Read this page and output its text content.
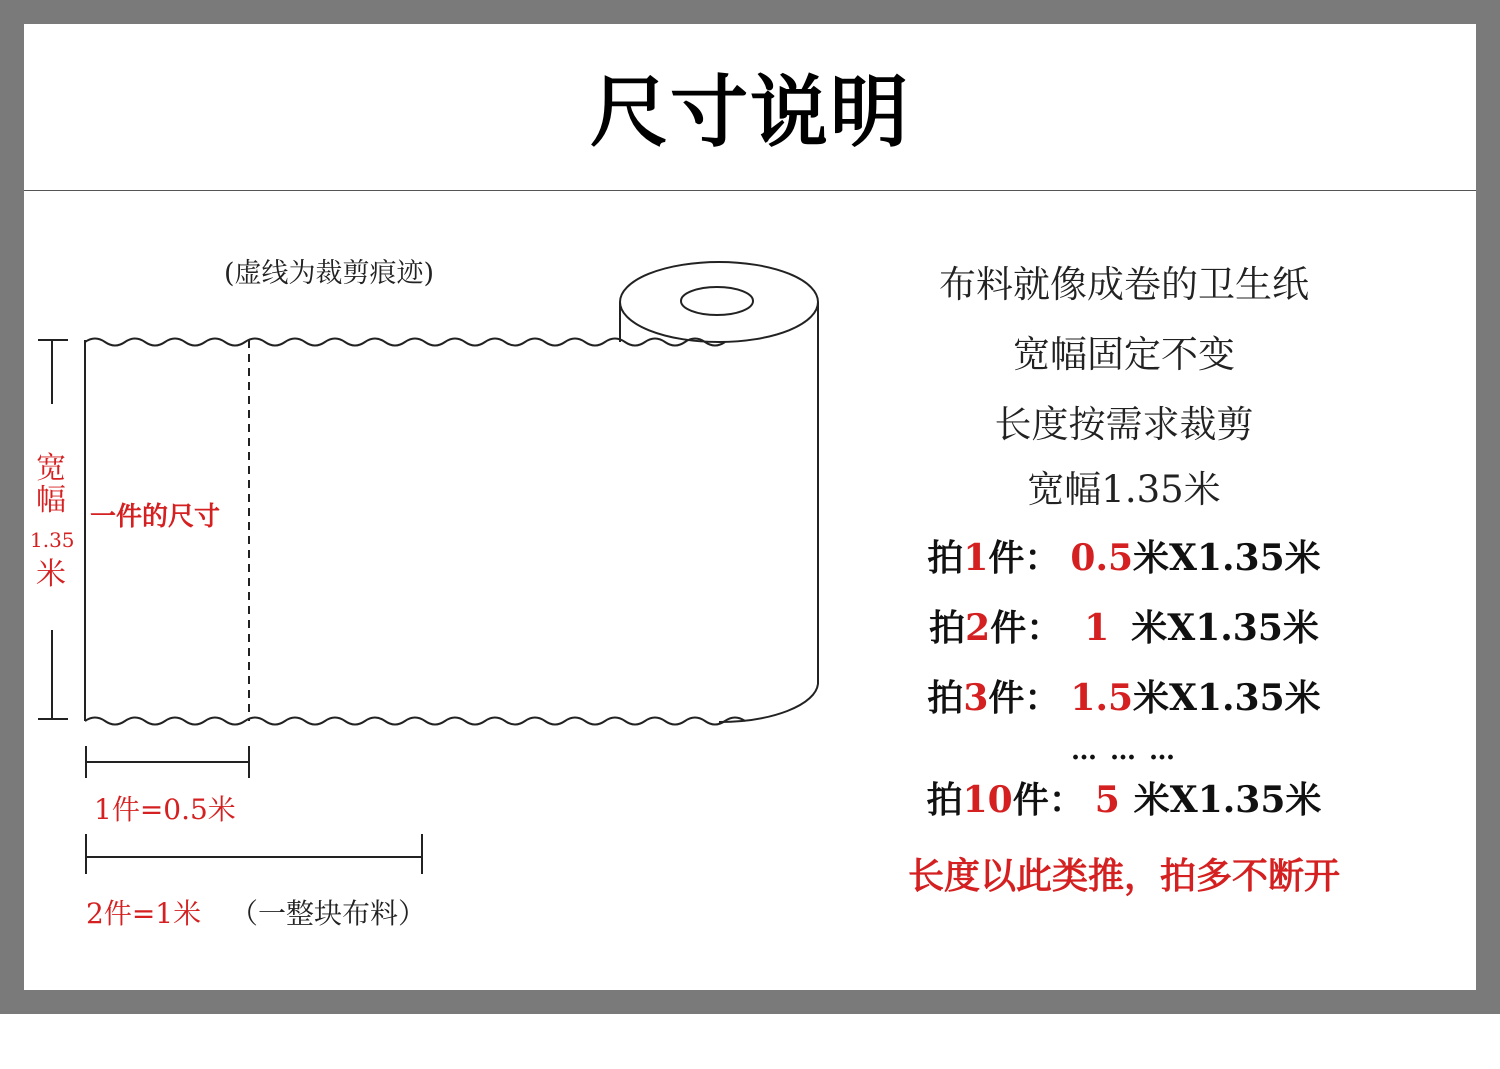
尺寸说明
(虚线为裁剪痕迹)
宽
幅
1.35
米
一件的尺寸
1件=0.5米
2件=1米 （一整块布料）
布料就像成卷的卫生纸
宽幅固定不变
长度按需求裁剪
宽幅1.35米
拍1件： 0.5米X1.35米
拍2件： 1 米X1.35米
拍3件： 1.5米X1.35米
… … …
拍10件： 5 米X1.35米
长度以此类推，拍多不断开
